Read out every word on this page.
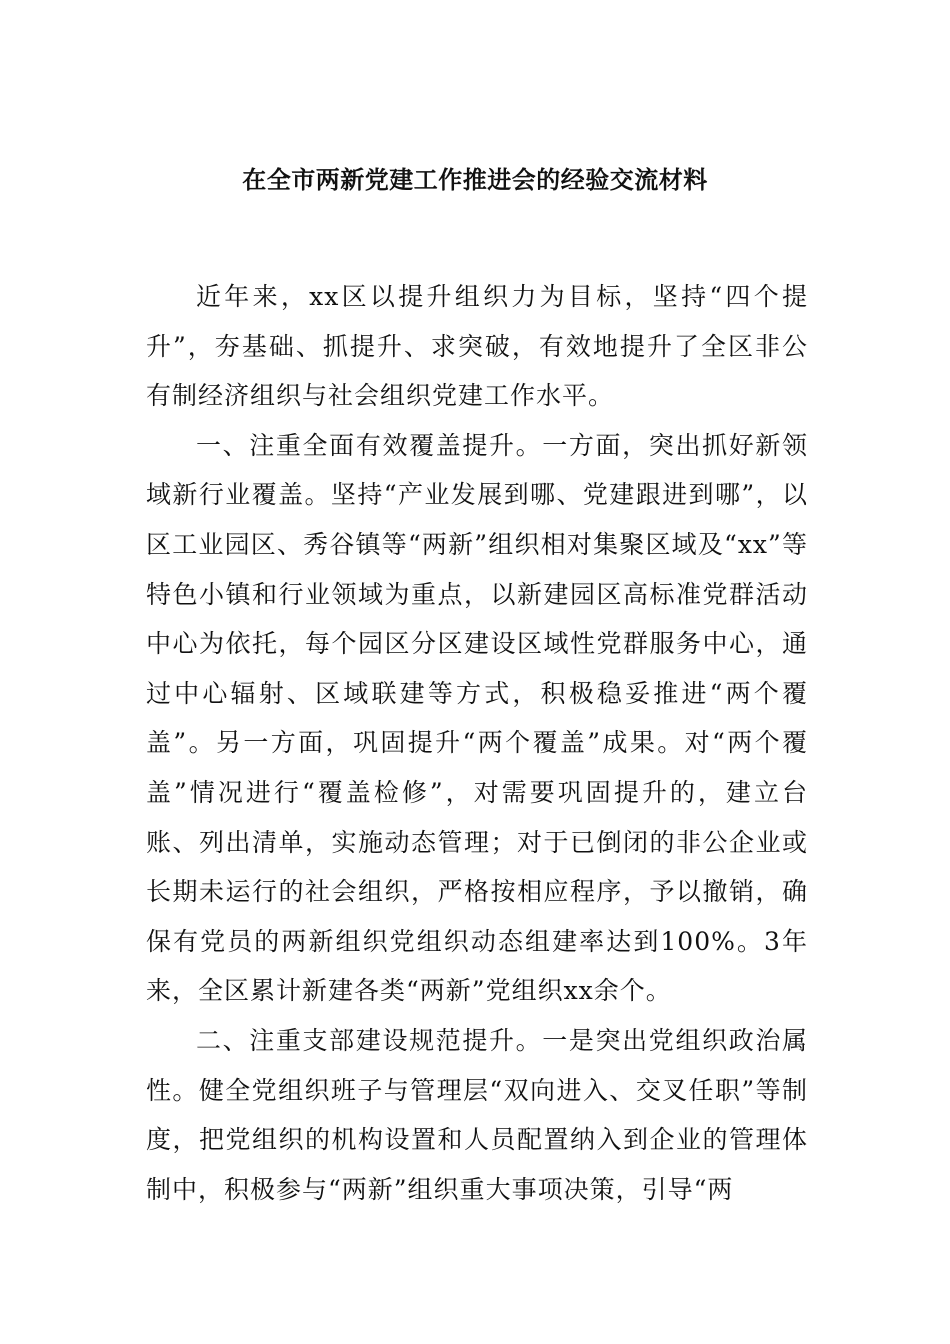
在全市两新党建工作推进会的经验交流材料

近年来，xx区以提升组织力为目标，坚持“四个提升”，夯基础、抓提升、求突破，有效地提升了全区非公有制经济组织与社会组织党建工作水平。

一、注重全面有效覆盖提升。一方面，突出抓好新领域新行业覆盖。坚持“产业发展到哪、党建跟进到哪”，以区工业园区、秀谷镇等“两新”组织相对集聚区域及“xx”等特色小镇和行业领域为重点，以新建园区高标准党群活动中心为依托，每个园区分区建设区域性党群服务中心，通过中心辐射、区域联建等方式，积极稳妥推进“两个覆盖”。另一方面，巩固提升“两个覆盖”成果。对“两个覆盖”情况进行“覆盖检修”，对需要巩固提升的，建立台账、列出清单，实施动态管理；对于已倒闭的非公企业或长期未运行的社会组织，严格按相应程序，予以撤销，确保有党员的两新组织党组织动态组建率达到100%。3年来，全区累计新建各类“两新”党组织xx余个。

二、注重支部建设规范提升。一是突出党组织政治属性。健全党组织班子与管理层“双向进入、交叉任职”等制度，把党组织的机构设置和人员配置纳入到企业的管理体制中，积极参与“两新”组织重大事项决策，引导“两
